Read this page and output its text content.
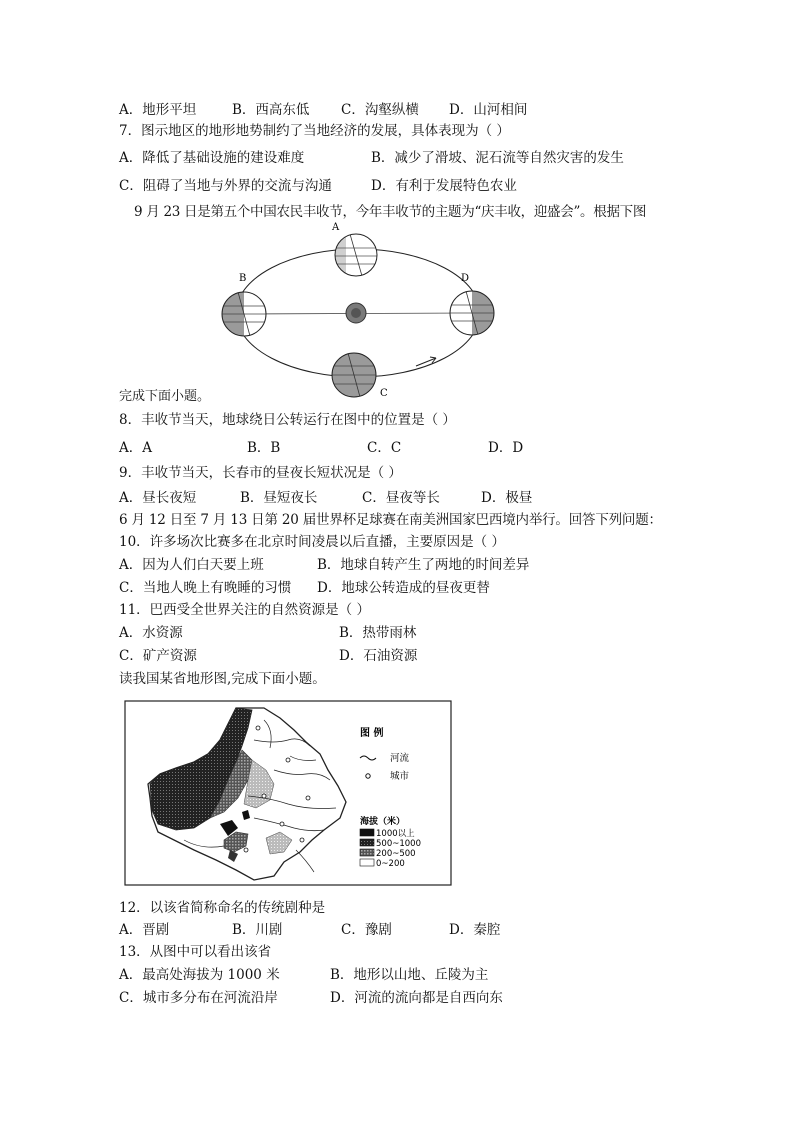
A．地形平坦	B．西高东低 C．沟壑纵横 D．山河相间
7．图示地区的地形地势制约了当地经济的发展，具体表现为（ ）
A．降低了基础设施的建设难度	B．减少了滑坡、泥石流等自然灾害的发生
C．阻碍了当地与外界的交流与沟通	D．有利于发展特色农业
9 月 23 日是第五个中国农民丰收节，今年丰收节的主题为“庆丰收，迎盛会”。根据下图
A
B
C
D
完成下面小题。
8．丰收节当天，地球绕日公转运行在图中的位置是（ ）
A．A	B．B	C．C	D．D
9．丰收节当天，长春市的昼夜长短状况是（ ）
A．昼长夜短	B．昼短夜长	C．昼夜等长	D．极昼
6 月 12 日至 7 月 13 日第 20 届世界杯足球赛在南美洲国家巴西境内举行。回答下列问题：
10．许多场次比赛多在北京时间凌晨以后直播，主要原因是（ ）
A．因为人们白天要上班	B．地球自转产生了两地的时间差异
C．当地人晚上有晚睡的习惯 D．地球公转造成的昼夜更替
11．巴西受全世界关注的自然资源是（ ）
A．水资源	B．热带雨林
C．矿产资源	D．石油资源
读我国某省地形图,完成下面小题。
图 例
河流
城市
海拔（米）
1000以上
500~1000
200~500
0~200
12．以该省简称命名的传统剧种是
A．晋剧	B．川剧	C．豫剧	D．秦腔
13．从图中可以看出该省
A．最高处海拔为 1000 米	B．地形以山地、丘陵为主
C．城市多分布在河流沿岸	D．河流的流向都是自西向东
